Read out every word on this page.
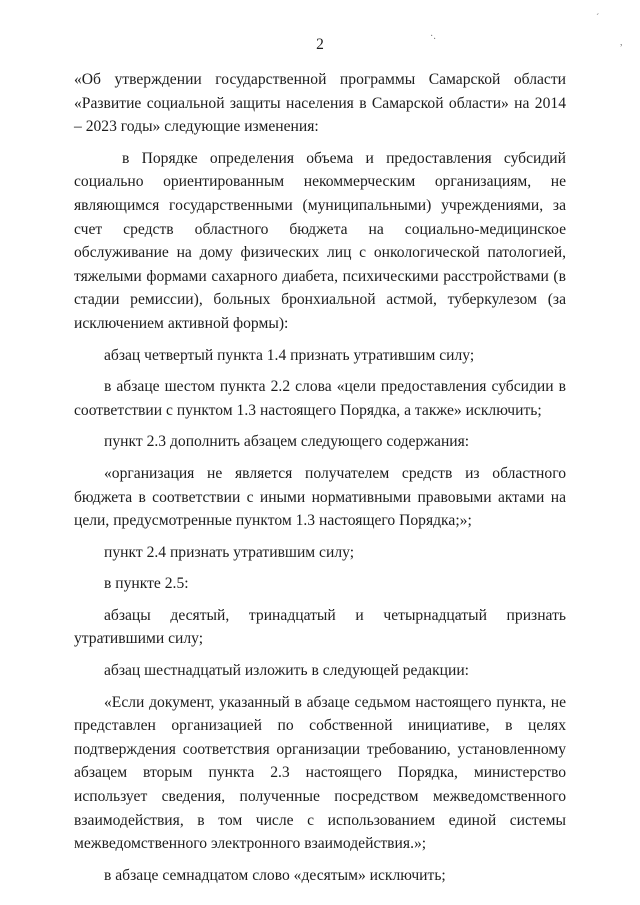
ˊ
,
·.
2

«Об утверждении государственной программы Самарской области «Развитие социальной защиты населения в Самарской области» на 2014 – 2023 годы» следующие изменения:

в Порядке определения объема и предоставления субсидий социально ориентированным некоммерческим организациям, не являющимся государственными (муниципальными) учреждениями, за счет средств областного бюджета на социально-медицинское обслуживание на дому физических лиц с онкологической патологией, тяжелыми формами сахарного диабета, психическими расстройствами (в стадии ремиссии), больных бронхиальной астмой, туберкулезом (за исключением активной формы):

абзац четвертый пункта 1.4 признать утратившим силу;

в абзаце шестом пункта 2.2 слова «цели предоставления субсидии в соответствии с пунктом 1.3 настоящего Порядка, а также» исключить;

пункт 2.3 дополнить абзацем следующего содержания:

«организация не является получателем средств из областного бюджета в соответствии с иными нормативными правовыми актами на цели, предусмотренные пунктом 1.3 настоящего Порядка;»;

пункт 2.4 признать утратившим силу;

в пункте 2.5:

абзацы десятый, тринадцатый и четырнадцатый признать утратившими силу;

абзац шестнадцатый изложить в следующей редакции:

«Если документ, указанный в абзаце седьмом настоящего пункта, не представлен организацией по собственной инициативе, в целях подтверждения соответствия организации требованию, установленному абзацем вторым пункта 2.3 настоящего Порядка, министерство использует сведения, полученные посредством межведомственного взаимодействия, в том числе с использованием единой системы межведомственного электронного взаимодействия.»;

в абзаце семнадцатом слово «десятым» исключить;
